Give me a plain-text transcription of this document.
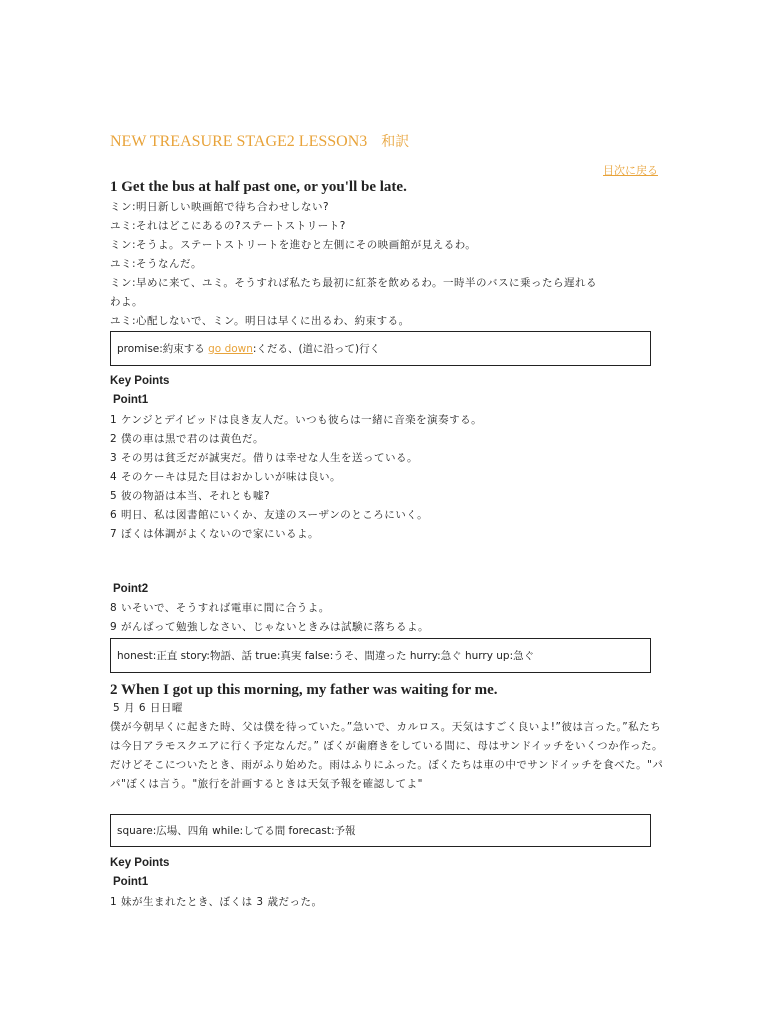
NEW TREASURE STAGE2 LESSON3 和訳
目次に戻る
1 Get the bus at half past one, or you'll be late.
ミン:明日新しい映画館で待ち合わせしない?
ユミ:それはどこにあるの?ステートストリート?
ミン:そうよ。ステートストリートを進むと左側にその映画館が見えるわ。
ユミ:そうなんだ。
ミン:早めに来て、ユミ。そうすれば私たち最初に紅茶を飲めるわ。一時半のバスに乗ったら遅れる
わよ。
ユミ:心配しないで、ミン。明日は早くに出るわ、約束する。
promise:約束する
go down :くだる、(道に沿って)行く
Key Points
Point1
1 ケンジとデイビッドは良き友人だ。いつも彼らは一緒に音楽を演奏する。
2 僕の車は黒で君のは黄色だ。
3 その男は貧乏だが誠実だ。借りは幸せな人生を送っている。
4 そのケーキは見た目はおかしいが味は良い。
5 彼の物語は本当、それとも嘘?
6 明日、私は図書館にいくか、友達のスーザンのところにいく。
7 ぼくは体調がよくないので家にいるよ。
Point2
8 いそいで、そうすれば電車に間に合うよ。
9 がんばって勉強しなさい、じゃないときみは試験に落ちるよ。
honest:正直 story:物語、話 true:真実 false:うそ、間違った hurry:急ぐ hurry up:急ぐ
2 When I got up this morning, my father was waiting for me.
5 月 6 日日曜
僕が今朝早くに起きた時、父は僕を待っていた。”急いで、カルロス。天気はすごく良いよ!”彼は言った。”私たちは今日アラモスクエアに行く予定なんだ。” ぼくが歯磨きをしている間に、母はサンドイッチをいくつか作った。だけどそこについたとき、雨がふり始めた。雨はふりにふった。ぼくたちは車の中でサンドイッチを食べた。"パパ"ぼくは言う。"旅行を計画するときは天気予報を確認してよ"
square:広場、四角 while:してる間 forecast:予報
Key Points
Point1
1 妹が生まれたとき、ぼくは 3 歳だった。
